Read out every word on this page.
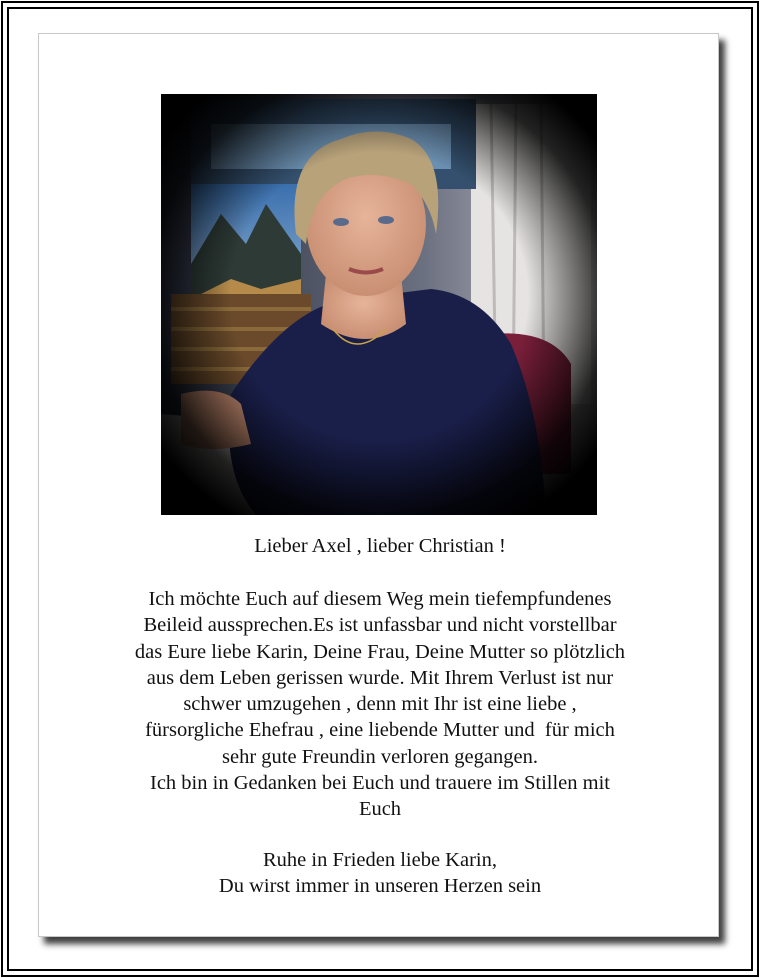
Lieber Axel , lieber Christian !
Ich möchte Euch auf diesem Weg mein tiefempfundenes
Beileid aussprechen.Es ist unfassbar und nicht vorstellbar
das Eure liebe Karin, Deine Frau, Deine Mutter so plötzlich
aus dem Leben gerissen wurde. Mit Ihrem Verlust ist nur
schwer umzugehen , denn mit Ihr ist eine liebe ,
fürsorgliche Ehefrau , eine liebende Mutter und  für mich
sehr gute Freundin verloren gegangen.
Ich bin in Gedanken bei Euch und trauere im Stillen mit
Euch
Ruhe in Frieden liebe Karin,
Du wirst immer in unseren Herzen sein
